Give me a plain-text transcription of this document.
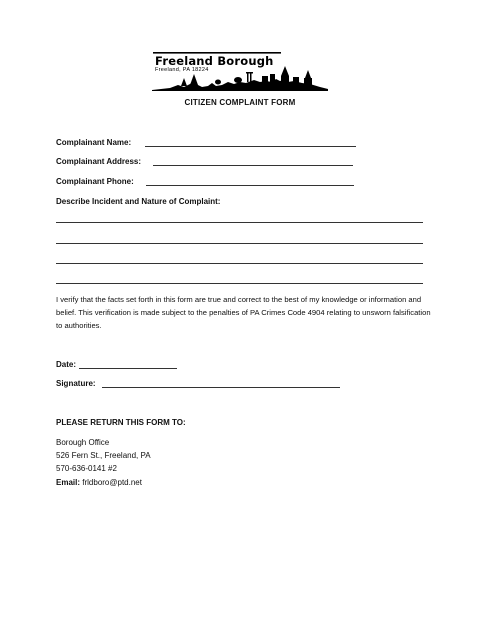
Freeland Borough
Freeland, PA 18224
CITIZEN COMPLAINT FORM
Complainant Name:
Complainant Address:
Complainant Phone:
Describe Incident and Nature of Complaint:
I verify that the facts set forth in this form are true and correct to the best of my knowledge or information and belief. This verification is made subject to the penalties of PA Crimes Code 4904 relating to unsworn falsification to authorities.
Date:
Signature:
PLEASE RETURN THIS FORM TO:
Borough Office
526 Fern St., Freeland, PA
570-636-0141 #2
Email: frldboro@ptd.net
